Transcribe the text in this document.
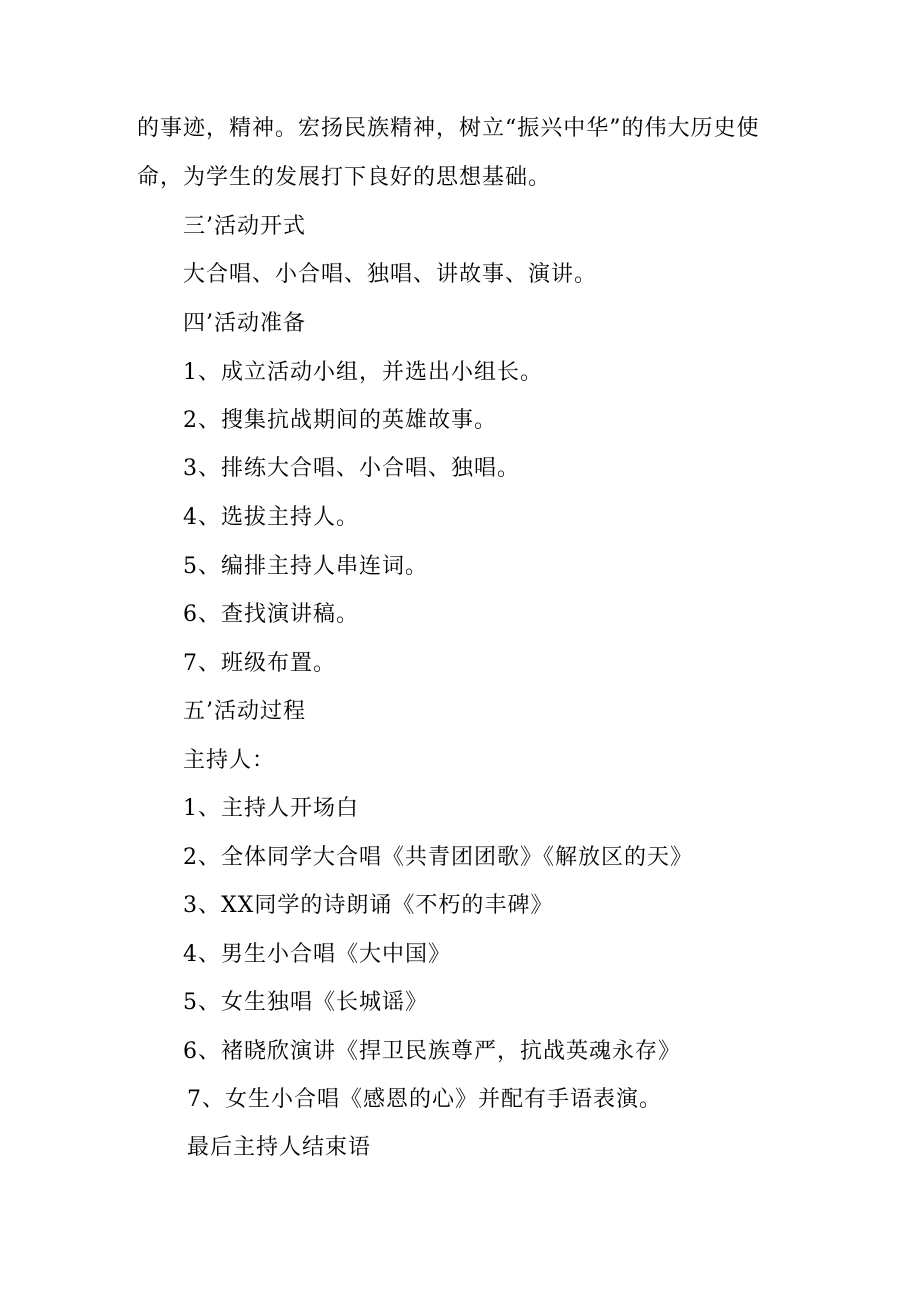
的事迹，精神。宏扬民族精神，树立“振兴中华”的伟大历史使
命，为学生的发展打下良好的思想基础。
三’活动开式
大合唱、小合唱、独唱、讲故事、演讲。
四’活动准备
1、成立活动小组，并选出小组长。
2、搜集抗战期间的英雄故事。
3、排练大合唱、小合唱、独唱。
4、选拔主持人。
5、编排主持人串连词。
6、查找演讲稿。
7、班级布置。
五’活动过程
主持人：
1、主持人开场白
2、全体同学大合唱《共青团团歌》《解放区的天》
3、XX同学的诗朗诵《不朽的丰碑》
4、男生小合唱《大中国》
5、女生独唱《长城谣》
6、褚晓欣演讲《捍卫民族尊严，抗战英魂永存》
7、女生小合唱《感恩的心》并配有手语表演。
最后主持人结束语
